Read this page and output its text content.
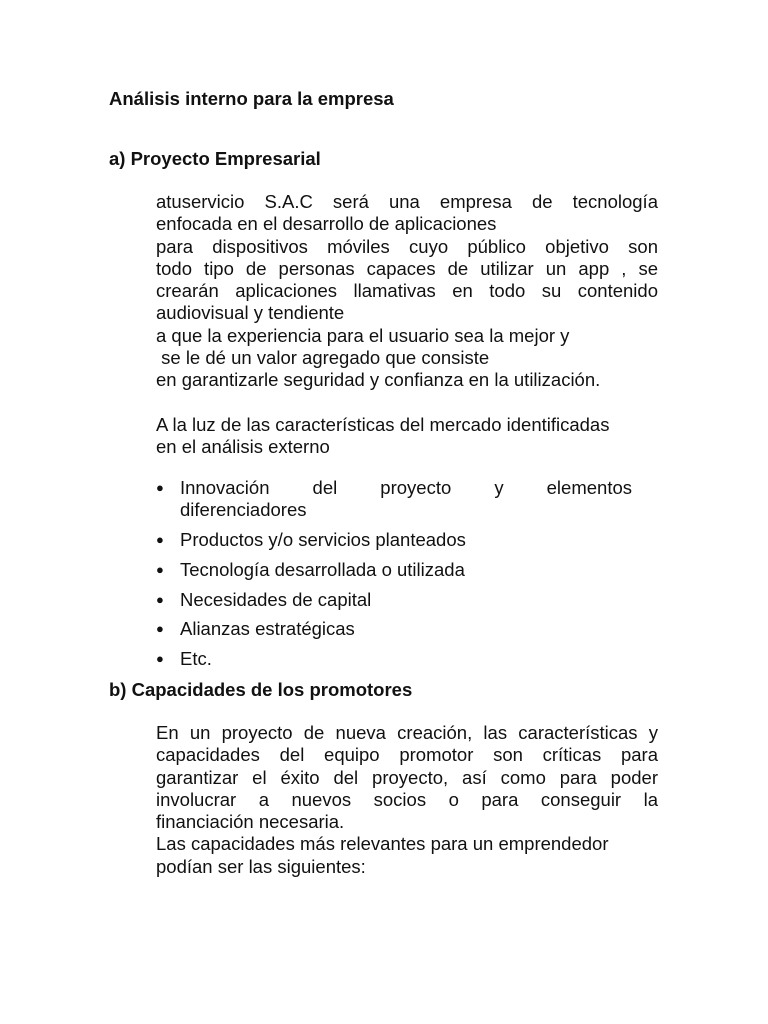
Análisis interno para la empresa
a) Proyecto Empresarial
atuservicio S.A.C será una empresa de tecnología
enfocada en el desarrollo de aplicaciones
para dispositivos móviles cuyo público objetivo son
todo tipo de personas capaces de utilizar un app , se
crearán aplicaciones llamativas en todo su contenido
audiovisual y tendiente
a que la experiencia para el usuario sea la mejor y
se le dé un valor agregado que consiste
en garantizarle seguridad y confianza en la utilización.
A la luz de las características del mercado identificadas
en el análisis externo
● Innovación del proyecto y elementos
diferenciadores
● Productos y/o servicios planteados
● Tecnología desarrollada o utilizada
● Necesidades de capital
● Alianzas estratégicas
● Etc.
b) Capacidades de los promotores
En un proyecto de nueva creación, las características y
capacidades del equipo promotor son críticas para
garantizar el éxito del proyecto, así como para poder
involucrar a nuevos socios o para conseguir la
financiación necesaria.
Las capacidades más relevantes para un emprendedor
podían ser las siguientes:
